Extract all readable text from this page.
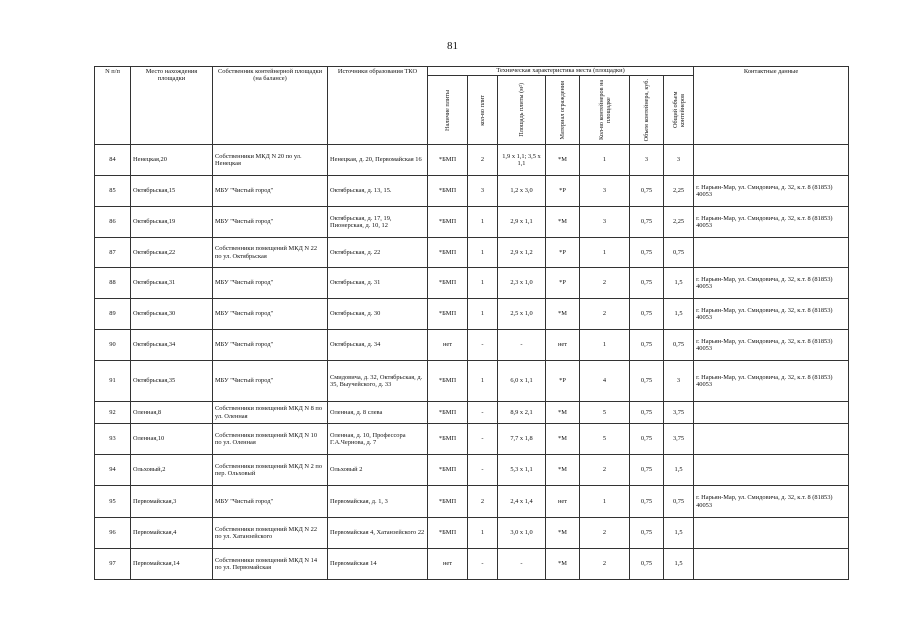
81
N п/п	Место нахождения площадки	Собственник контейнерной площадки (на балансе)	Источники образования ТКО	Техническая характеристика места (площадки)							Контактные данные

				Наличие плиты	кол-во плит	Площадь плиты (м²)	Материал ограждения	Кол-во контейнеров на площадке	Объем контейнера, куб.	Общий объем контейнеров	

84	Ненецкая,20	Собственники МКД N 20 по ул. Ненецкая	Ненецкая, д. 20, Первомайская 16	*БМП	2	1,9 x 1,1; 3,5 x 1,1	*М	1	3	3	
85	Октябрьская,15	МБУ "Чистый город"	Октябрьская, д. 13, 15.	*БМП	3	1,2 x 3,0	*Р	3	0,75	2,25	г. Нарьян-Мар, ул. Смидовича, д. 32, к.т. 8 (81853) 40053
86	Октябрьская,19	МБУ "Чистый город"	Октябрьская, д. 17, 19, Пионерская, д. 10, 12	*БМП	1	2,9 x 1,1	*М	3	0,75	2,25	г. Нарьян-Мар, ул. Смидовича, д. 32, к.т. 8 (81853) 40053
87	Октябрьская,22	Собственники помещений МКД N 22 по ул. Октябрьская	Октябрьская, д. 22	*БМП	1	2,9 x 1,2	*Р	1	0,75	0,75	
88	Октябрьская,31	МБУ "Чистый город"	Октябрьская, д. 31	*БМП	1	2,3 x 1,0	*Р	2	0,75	1,5	г. Нарьян-Мар, ул. Смидовича, д. 32, к.т. 8 (81853) 40053
89	Октябрьская,30	МБУ "Чистый город"	Октябрьская, д. 30	*БМП	1	2,5 x 1,0	*М	2	0,75	1,5	г. Нарьян-Мар, ул. Смидовича, д. 32, к.т. 8 (81853) 40053
90	Октябрьская,34	МБУ "Чистый город"	Октябрьская, д. 34	нет	-	-	нет	1	0,75	0,75	г. Нарьян-Мар, ул. Смидовича, д. 32, к.т. 8 (81853) 40053
91	Октябрьская,35	МБУ "Чистый город"	Смидовича, д. 32, Октябрьская, д. 35, Выучейского, д. 33	*БМП	1	6,0 x 1,1	*Р	4	0,75	3	г. Нарьян-Мар, ул. Смидовича, д. 32, к.т. 8 (81853) 40053
92	Оленная,8	Собственники помещений МКД N 8 по ул. Оленная	Оленная, д. 8 слева	*БМП	-	8,9 x 2,1	*М	5	0,75	3,75	
93	Оленная,10	Собственники помещений МКД N 10 по ул. Оленная	Оленная, д. 10, Профессора Г.А.Чернова, д. 7	*БМП	-	7,7 x 1,8	*М	5	0,75	3,75	
94	Ольховый,2	Собственники помещений МКД N 2 по пер. Ольховый	Ольховый 2	*БМП	-	5,3 x 1,1	*М	2	0,75	1,5	
95	Первомайская,3	МБУ "Чистый город"	Первомайская, д. 1, 3	*БМП	2	2,4 x 1,4	нет	1	0,75	0,75	г. Нарьян-Мар, ул. Смидовича, д. 32, к.т. 8 (81853) 40053
96	Первомайская,4	Собственники помещений МКД N 22 по ул. Хатанзейского	Первомайская 4, Хатанзейского 22	*БМП	1	3,0 x 1,0	*М	2	0,75	1,5	
97	Первомайская,14	Собственники помещений МКД N 14 по ул. Первомайская	Первомайская 14	нет	-	-	*М	2	0,75	1,5	
